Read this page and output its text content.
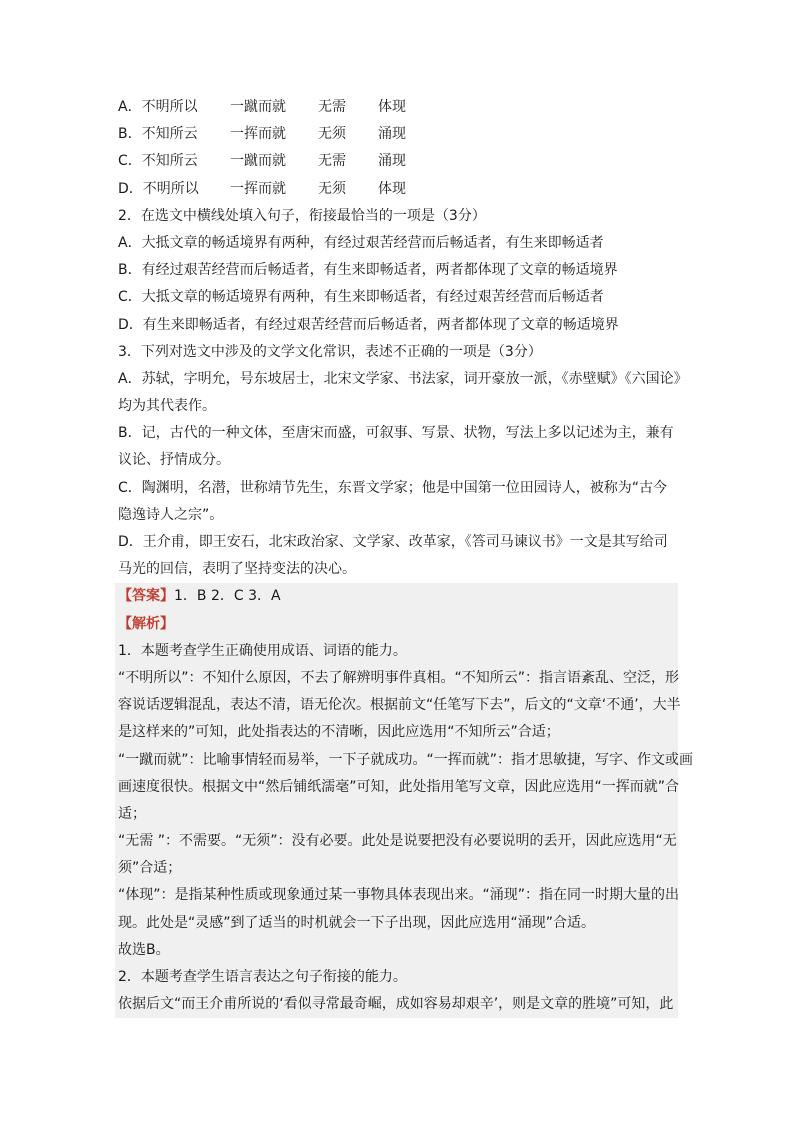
A．不明所以	一蹴而就	无需	体现
B．不知所云	一挥而就	无须	涌现
C．不知所云	一蹴而就	无需	涌现
D．不明所以	一挥而就	无须	体现
2．在选文中横线处填入句子，衔接最恰当的一项是（3分）
A．大抵文章的畅适境界有两种，有经过艰苦经营而后畅适者，有生来即畅适者
B．有经过艰苦经营而后畅适者，有生来即畅适者，两者都体现了文章的畅适境界
C．大抵文章的畅适境界有两种，有生来即畅适者，有经过艰苦经营而后畅适者
D．有生来即畅适者，有经过艰苦经营而后畅适者，两者都体现了文章的畅适境界
3．下列对选文中涉及的文学文化常识，表述不正确的一项是（3分）
A．苏轼，字明允，号东坡居士，北宋文学家、书法家，词开豪放一派，《赤壁赋》《六国论》
均为其代表作。
B．记，古代的一种文体，至唐宋而盛，可叙事、写景、状物，写法上多以记述为主，兼有
议论、抒情成分。
C．陶渊明，名潜，世称靖节先生，东晋文学家；他是中国第一位田园诗人，被称为“古今
隐逸诗人之宗”。
D．王介甫，即王安石，北宋政治家、文学家、改革家，《答司马谏议书》一文是其写给司
马光的回信，表明了坚持变法的决心。
【答案】1．B 2．C 3．A
【解析】
1．本题考查学生正确使用成语、词语的能力。
“不明所以”：不知什么原因，不去了解辨明事件真相。“不知所云”：指言语紊乱、空泛，形
容说话逻辑混乱，表达不清，语无伦次。根据前文“任笔写下去”，后文的“文章‘不通’，大半
是这样来的”可知，此处指表达的不清晰，因此应选用“不知所云”合适；
“一蹴而就”：比喻事情轻而易举，一下子就成功。“一挥而就”：指才思敏捷，写字、作文或画
画速度很快。根据文中“然后铺纸濡毫”可知，此处指用笔写文章，因此应选用“一挥而就”合
适；
“无需 ”：不需要。“无须”：没有必要。此处是说要把没有必要说明的丢开，因此应选用“无
须”合适；
“体现”：是指某种性质或现象通过某一事物具体表现出来。“涌现”：指在同一时期大量的出
现。此处是“灵感”到了适当的时机就会一下子出现，因此应选用“涌现”合适。
故选B。
2．本题考查学生语言表达之句子衔接的能力。
依据后文“而王介甫所说的‘看似寻常最奇崛，成如容易却艰辛’，则是文章的胜境”可知，此
